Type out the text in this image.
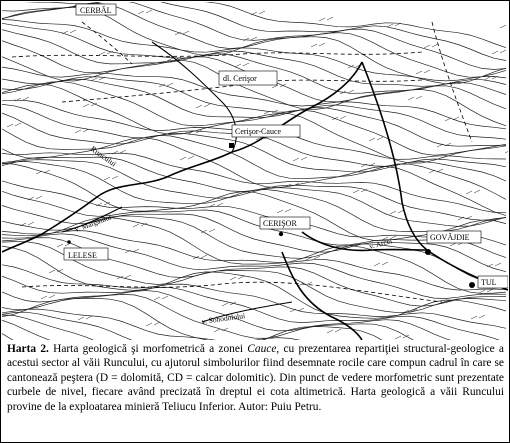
CERBĂL
dl. Cerişor
Cerişor-Cauce
Runcului
v. Mărgăului
LELESE
CERIŞOR
v. Arcei	GOVĂJDIE
TUL
v. Sohodolului
Harta 2. Harta geologică şi morfometrică a zonei Cauce, cu prezentarea repartiţiei structural-geologice a acestui sector al văii Runcului, cu ajutorul simbolurilor fiind desemnate rocile care compun cadrul în care se cantonează peştera (D = dolomită, CD = calcar dolomitic). Din punct de vedere morfometric sunt prezentate curbele de nivel, fiecare având precizată în dreptul ei cota altimetrică. Harta geologică a văii Runcului provine de la exploatarea minieră Teliucu Inferior. Autor: Puiu Petru.
